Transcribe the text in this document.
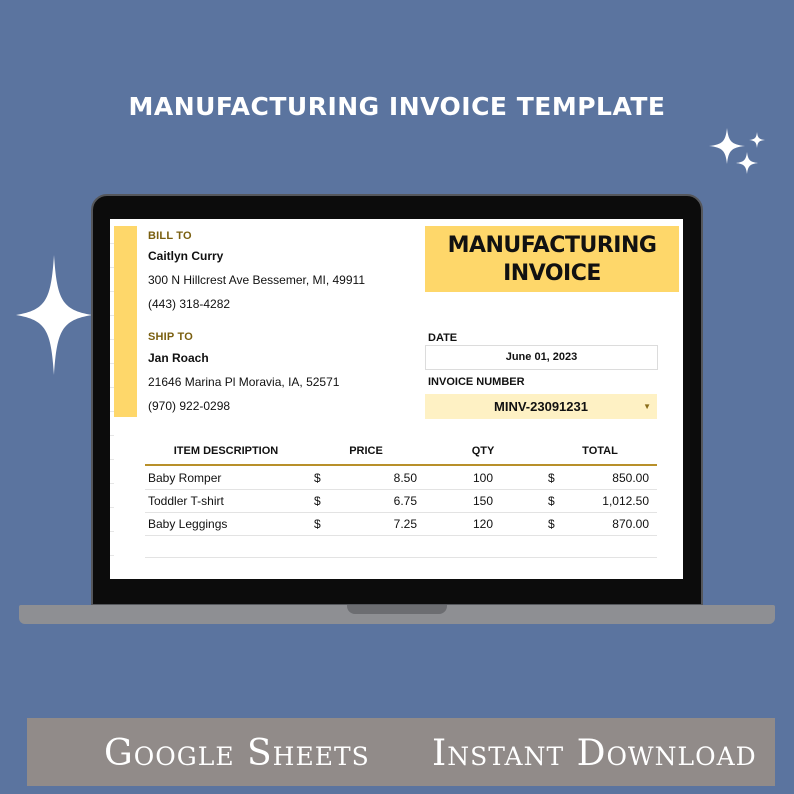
MANUFACTURING INVOICE TEMPLATE
BILL TO
Caitlyn Curry
300 N Hillcrest Ave Bessemer, MI, 49911
(443) 318-4282
SHIP TO
Jan Roach
21646 Marina Pl Moravia, IA, 52571
(970) 922-0298
MANUFACTURING
INVOICE
DATE
June 01, 2023
INVOICE NUMBER
MINV-23091231	▼
ITEM DESCRIPTION	PRICE	QTY	TOTAL
Baby Romper	$	8.50	100	$	850.00
Toddler T-shirt	$	6.75	150	$	1,012.50
Baby Leggings	$	7.25	120	$	870.00
Google Sheets Instant Download
